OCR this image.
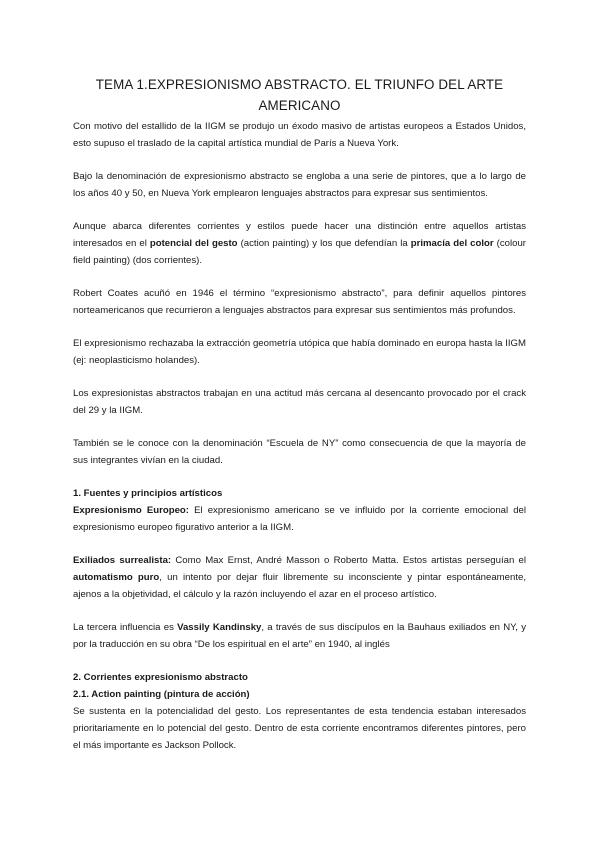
TEMA 1.EXPRESIONISMO ABSTRACTO. EL TRIUNFO DEL ARTE
AMERICANO

Con motivo del estallido de la IIGM se produjo un éxodo masivo de artistas europeos a Estados Unidos, esto supuso el traslado de la capital artística mundial de París a Nueva York.

Bajo la denominación de expresionismo abstracto se engloba a una serie de pintores, que a lo largo de los años 40 y 50, en Nueva York emplearon lenguajes abstractos para expresar sus sentimientos.

Aunque abarca diferentes corrientes y estilos puede hacer una distinción entre aquellos artistas interesados en el potencial del gesto (action painting) y los que defendían la primacía del color (colour field painting) (dos corrientes).

Robert Coates acuñó en 1946 el término “expresionismo abstracto”, para definir aquellos pintores norteamericanos que recurrieron a lenguajes abstractos para expresar sus sentimientos más profundos.

El expresionismo rechazaba la extracción geometría utópica que había dominado en europa hasta la IIGM (ej: neoplasticismo holandes).

Los expresionistas abstractos trabajan en una actitud más cercana al desencanto provocado por el crack del 29 y la IIGM.

También se le conoce con la denominación “Escuela de NY” como consecuencia de que la mayoría de sus integrantes vivían en la ciudad.

1. Fuentes y principios artísticos

Expresionismo Europeo: El expresionismo americano se ve influido por la corriente emocional del expresionismo europeo figurativo anterior a la IIGM.

Exiliados surrealista: Como Max Ernst, André Masson o Roberto Matta. Estos artistas perseguían el automatismo puro, un intento por dejar fluir libremente su inconsciente y pintar espontáneamente, ajenos a la objetividad, el cálculo y la razón incluyendo el azar en el proceso artístico.

La tercera influencia es Vassily Kandinsky, a través de sus discípulos en la Bauhaus exiliados en NY, y por la traducción en su obra “De los espiritual en el arte” en 1940, al inglés

2. Corrientes expresionismo abstracto

2.1. Action painting (pintura de acción)

Se sustenta en la potencialidad del gesto. Los representantes de esta tendencia estaban interesados prioritariamente en lo potencial del gesto. Dentro de esta corriente encontramos diferentes pintores, pero el más importante es Jackson Pollock.
